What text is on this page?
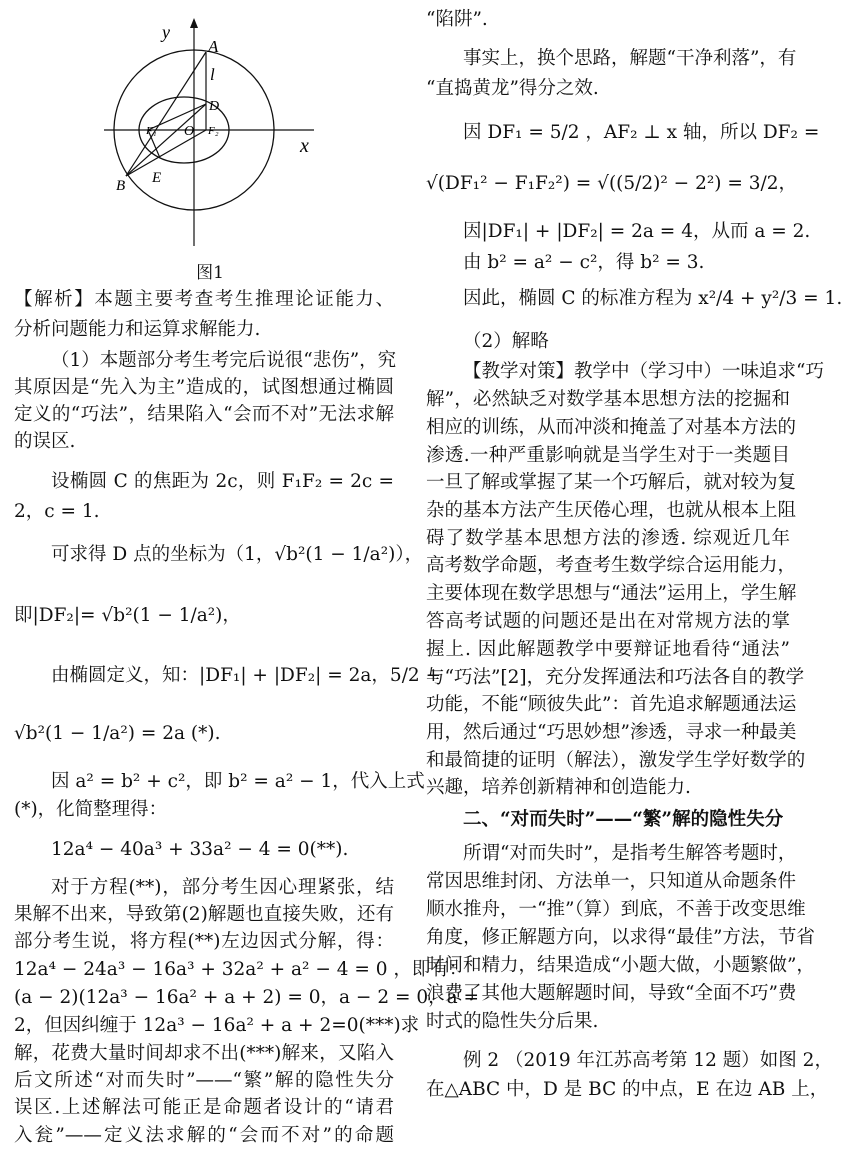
y
A
l
D
F₁ O F₂
x
B E
图1
【解析】本题主要考查考生推理论证能力、
分析问题能力和运算求解能力.
（1）本题部分考生考完后说很“悲伤”，究
其原因是“先入为主”造成的，试图想通过椭圆
定义的“巧法”，结果陷入“会而不对”无法求解
的误区.
设椭圆 C 的焦距为 2c，则 F₁F₂ = 2c =
2，c = 1.
可求得 D 点的坐标为（1，√b²(1 − 1/a²)），
即|DF₂|= √b²(1 − 1/a²)，
由椭圆定义，知：|DF₁| + |DF₂| = 2a，5/2 +
√b²(1 − 1/a²) = 2a (*).
因 a² = b² + c²，即 b² = a² − 1，代入上式
(*)，化简整理得：
12a⁴ − 40a³ + 33a² − 4 = 0(**).
对于方程(**)，部分考生因心理紧张，结
果解不出来，导致第(2)解题也直接失败，还有
部分考生说，将方程(**)左边因式分解，得：
12a⁴ − 24a³ − 16a³ + 32a² + a² − 4 = 0 ，即有：
(a − 2)(12a³ − 16a² + a + 2) = 0，a − 2 = 0，a =
2，但因纠缠于 12a³ − 16a² + a + 2=0(***)求
解，花费大量时间却求不出(***)解来，又陷入
后文所述“对而失时”——“繁”解的隐性失分
误区.上述解法可能正是命题者设计的“请君
入瓮”——定义法求解的“会而不对”的命题
“陷阱”.
事实上，换个思路，解题“干净利落”，有
“直捣黄龙”得分之效.
因 DF₁ = 5/2 ，AF₂ ⊥ x 轴，所以 DF₂ =
√(DF₁² − F₁F₂²) = √((5/2)² − 2²) = 3/2，
因|DF₁| + |DF₂| = 2a = 4，从而 a = 2.
由 b² = a² − c²，得 b² = 3.
因此，椭圆 C 的标准方程为 x²/4 + y²/3 = 1.
（2）解略
【教学对策】教学中（学习中）一味追求“巧
解”，必然缺乏对数学基本思想方法的挖掘和
相应的训练，从而冲淡和掩盖了对基本方法的
渗透.一种严重影响就是当学生对于一类题目
一旦了解或掌握了某一个巧解后，就对较为复
杂的基本方法产生厌倦心理，也就从根本上阻
碍了数学基本思想方法的渗透. 综观近几年
高考数学命题，考查考生数学综合运用能力，
主要体现在数学思想与“通法”运用上，学生解
答高考试题的问题还是出在对常规方法的掌
握上. 因此解题教学中要辩证地看待“通法”
与“巧法”[2]，充分发挥通法和巧法各自的教学
功能，不能“顾彼失此”：首先追求解题通法运
用，然后通过“巧思妙想”渗透，寻求一种最美
和最简捷的证明（解法），激发学生学好数学的
兴趣，培养创新精神和创造能力.
二、“对而失时”——“繁”解的隐性失分
所谓“对而失时”，是指考生解答考题时，
常因思维封闭、方法单一，只知道从命题条件
顺水推舟，一“推”（算）到底，不善于改变思维
角度，修正解题方向，以求得“最佳”方法，节省
时间和精力，结果造成“小题大做，小题繁做”，
浪费了其他大题解题时间，导致“全面不巧”费
时式的隐性失分后果.
例 2 （2019 年江苏高考第 12 题）如图 2，
在△ABC 中，D 是 BC 的中点，E 在边 AB 上，
